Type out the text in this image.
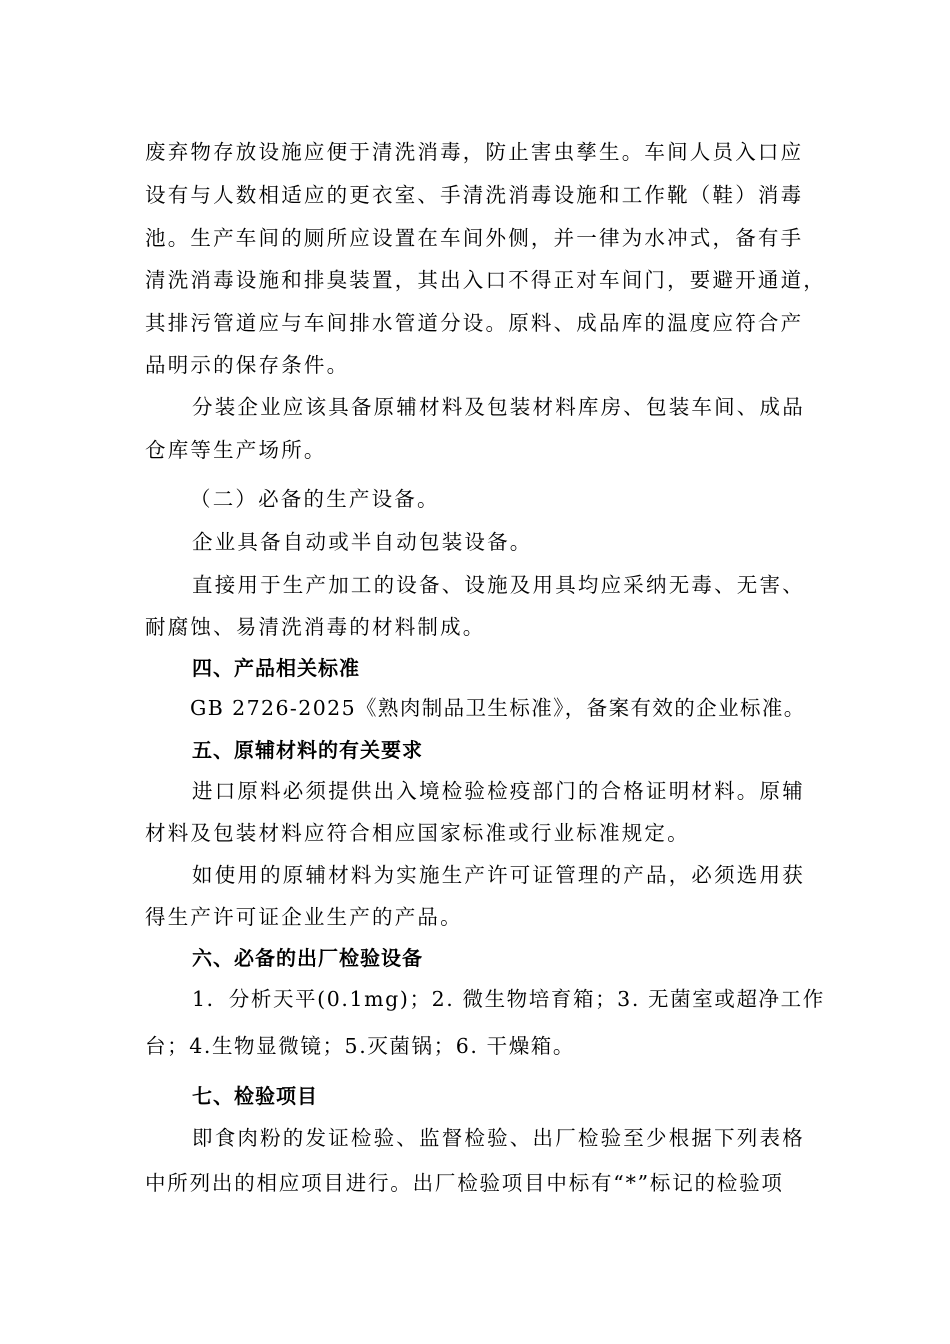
废弃物存放设施应便于清洗消毒，防止害虫孳生。车间人员入口应

设有与人数相适应的更衣室、手清洗消毒设施和工作靴（鞋）消毒

池。生产车间的厕所应设置在车间外侧，并一律为水冲式，备有手

清洗消毒设施和排臭装置，其出入口不得正对车间门，要避开通道，

其排污管道应与车间排水管道分设。原料、成品库的温度应符合产

品明示的保存条件。

分装企业应该具备原辅材料及包装材料库房、包装车间、成品

仓库等生产场所。

（二）必备的生产设备。

企业具备自动或半自动包装设备。

直接用于生产加工的设备、设施及用具均应采纳无毒、无害、

耐腐蚀、易清洗消毒的材料制成。

四、产品相关标准

GB 2726-2025《熟肉制品卫生标准》，备案有效的企业标准。

五、原辅材料的有关要求

进口原料必须提供出入境检验检疫部门的合格证明材料。原辅

材料及包装材料应符合相应国家标准或行业标准规定。

如使用的原辅材料为实施生产许可证管理的产品，必须选用获

得生产许可证企业生产的产品。

六、必备的出厂检验设备

1．分析天平(0.1mg)；2. 微生物培育箱；3. 无菌室或超净工作

台；4.生物显微镜；5.灭菌锅；6. 干燥箱。

七、检验项目

即食肉粉的发证检验、监督检验、出厂检验至少根据下列表格

中所列出的相应项目进行。出厂检验项目中标有“*”标记的检验项
